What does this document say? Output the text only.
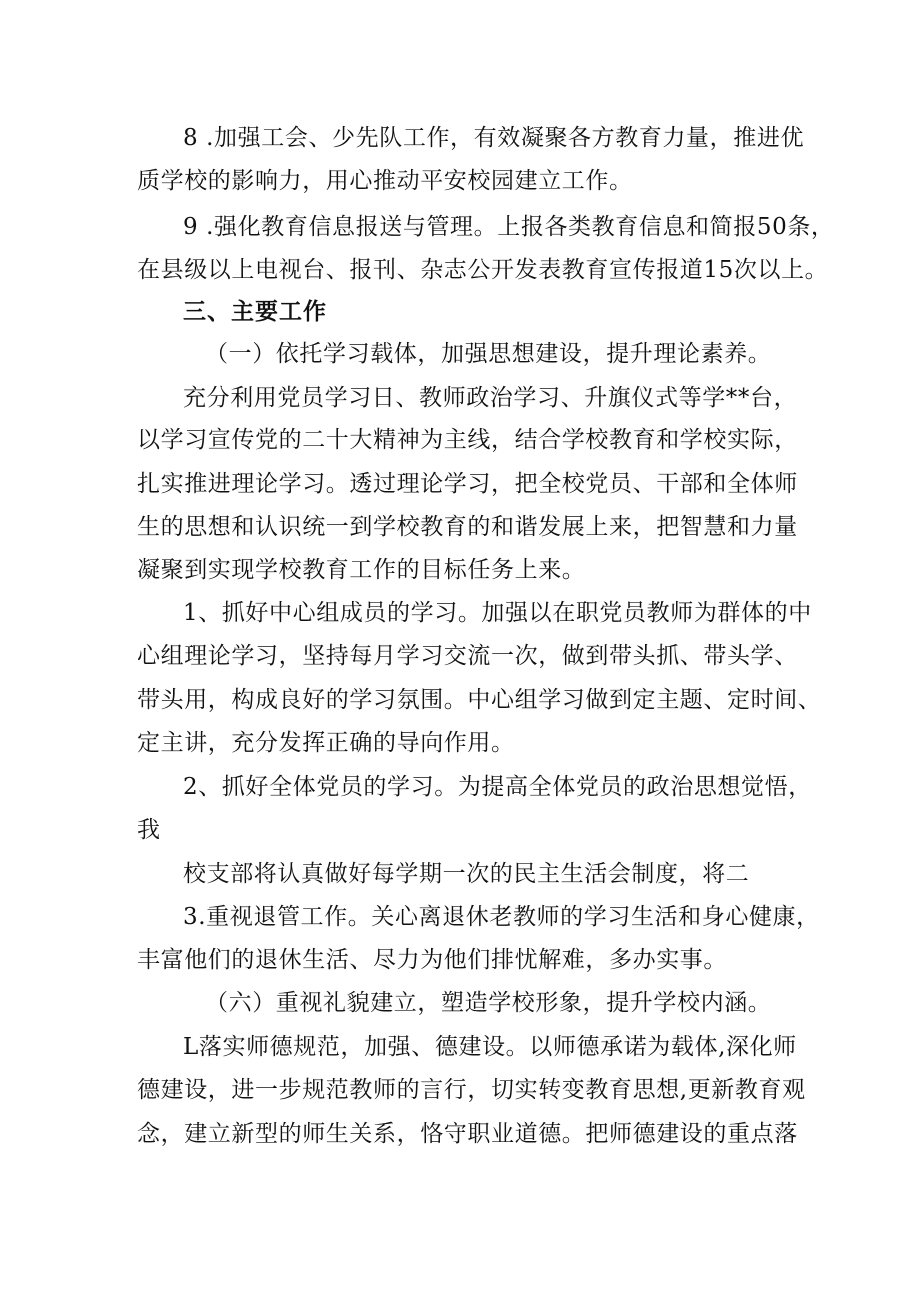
8 .加强工会、少先队工作，有效凝聚各方教育力量，推进优
质学校的影响力，用心推动平安校园建立工作。
9 .强化教育信息报送与管理。上报各类教育信息和简报50条，
在县级以上电视台、报刊、杂志公开发表教育宣传报道15次以上。
三、主要工作
（一）依托学习载体，加强思想建设，提升理论素养。
充分利用党员学习日、教师政治学习、升旗仪式等学**台，
以学习宣传党的二十大精神为主线，结合学校教育和学校实际，
扎实推进理论学习。透过理论学习，把全校党员、干部和全体师
生的思想和认识统一到学校教育的和谐发展上来，把智慧和力量
凝聚到实现学校教育工作的目标任务上来。
1、抓好中心组成员的学习。加强以在职党员教师为群体的中
心组理论学习，坚持每月学习交流一次，做到带头抓、带头学、
带头用，构成良好的学习氛围。中心组学习做到定主题、定时间、
定主讲，充分发挥正确的导向作用。
2、抓好全体党员的学习。为提高全体党员的政治思想觉悟，
我
校支部将认真做好每学期一次的民主生活会制度，将二
3.重视退管工作。关心离退休老教师的学习生活和身心健康，
丰富他们的退休生活、尽力为他们排忧解难，多办实事。
（六）重视礼貌建立，塑造学校形象，提升学校内涵。
L落实师德规范，加强、德建设。以师德承诺为载体,深化师
德建设，进一步规范教师的言行，切实转变教育思想,更新教育观
念，建立新型的师生关系，恪守职业道德。把师德建设的重点落
